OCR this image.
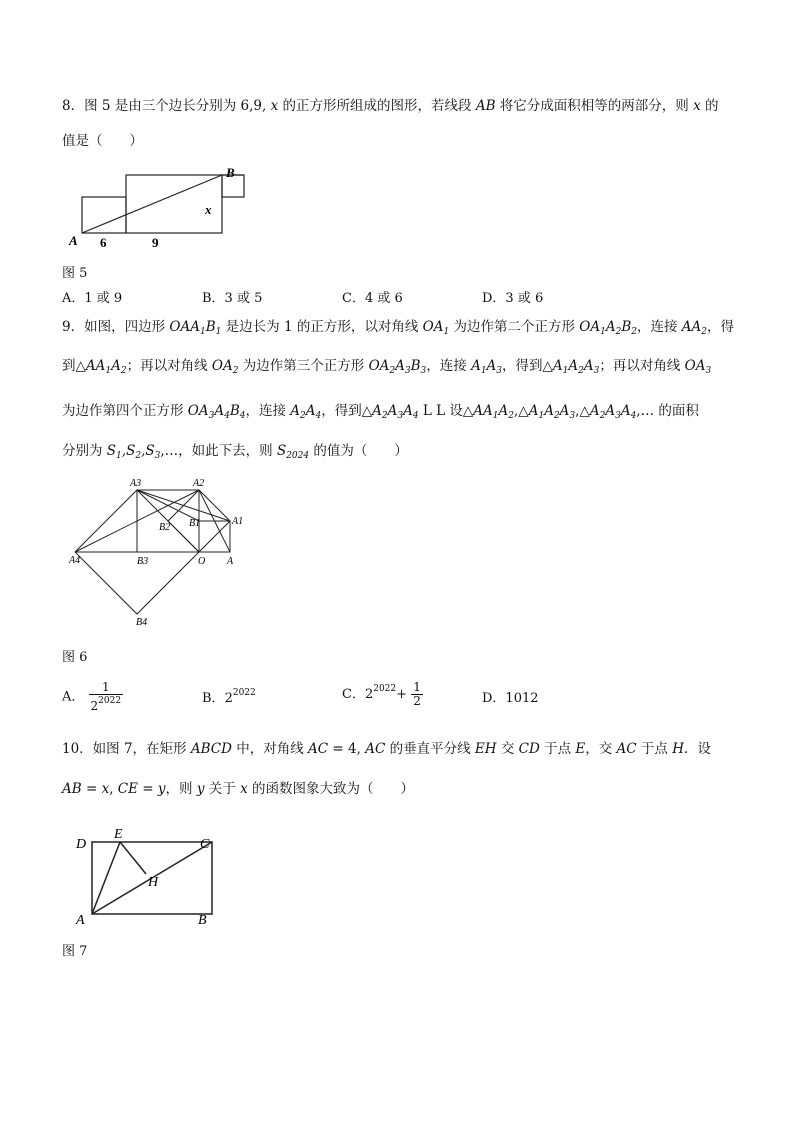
8．图 5 是由三个边长分别为 6,9, x 的正方形所组成的图形，若线段 AB 将它分成面积相等的两部分，则 x 的
值是（　　）
B
x
A 6	9
图 5
A．1 或 9	B．3 或 5	C．4 或 6	D．3 或 6
9．如图，四边形 $OAA_1B_1$ 是边长为 1 的正方形，以对角线 $OA_1$ 为边作第二个正方形 $OA_1A_2B_2$，连接 $AA_2$，得
到$\triangle AA_1A_2$；再以对角线 $OA_2$ 为边作第三个正方形 $OA_2A_3B_3$，连接 $A_1A_3$，得到$\triangle A_1A_2A_3$；再以对角线 $OA_3$
为边作第四个正方形 $OA_3A_4B_4$，连接 $A_2A_4$，得到$\triangle A_2A_3A_4$ L L 设$\triangle AA_1A_2,\triangle A_1A_2A_3,\triangle A_2A_3A_4,\dots$ 的面积
分别为 $S_1,S_2,S_3,\dots$，如此下去，则 $S_{2024}$ 的值为（　　）
A3	A2
A1
B1
B2
A4	B3	O A
B4
图 6
A． $\frac{1}{2^{2022}}$	B．$2^{2022}$	C．$2^{2022}+ \frac{1}{2}$	D．1012
10．如图 7，在矩形 ABCD 中，对角线 AC = 4, AC 的垂直平分线 EH 交 CD 于点 E，交 AC 于点 H．设
AB = x, CE = y，则 y 关于 x 的函数图象大致为（　　）
D
E
C
H
A	B
图 7
